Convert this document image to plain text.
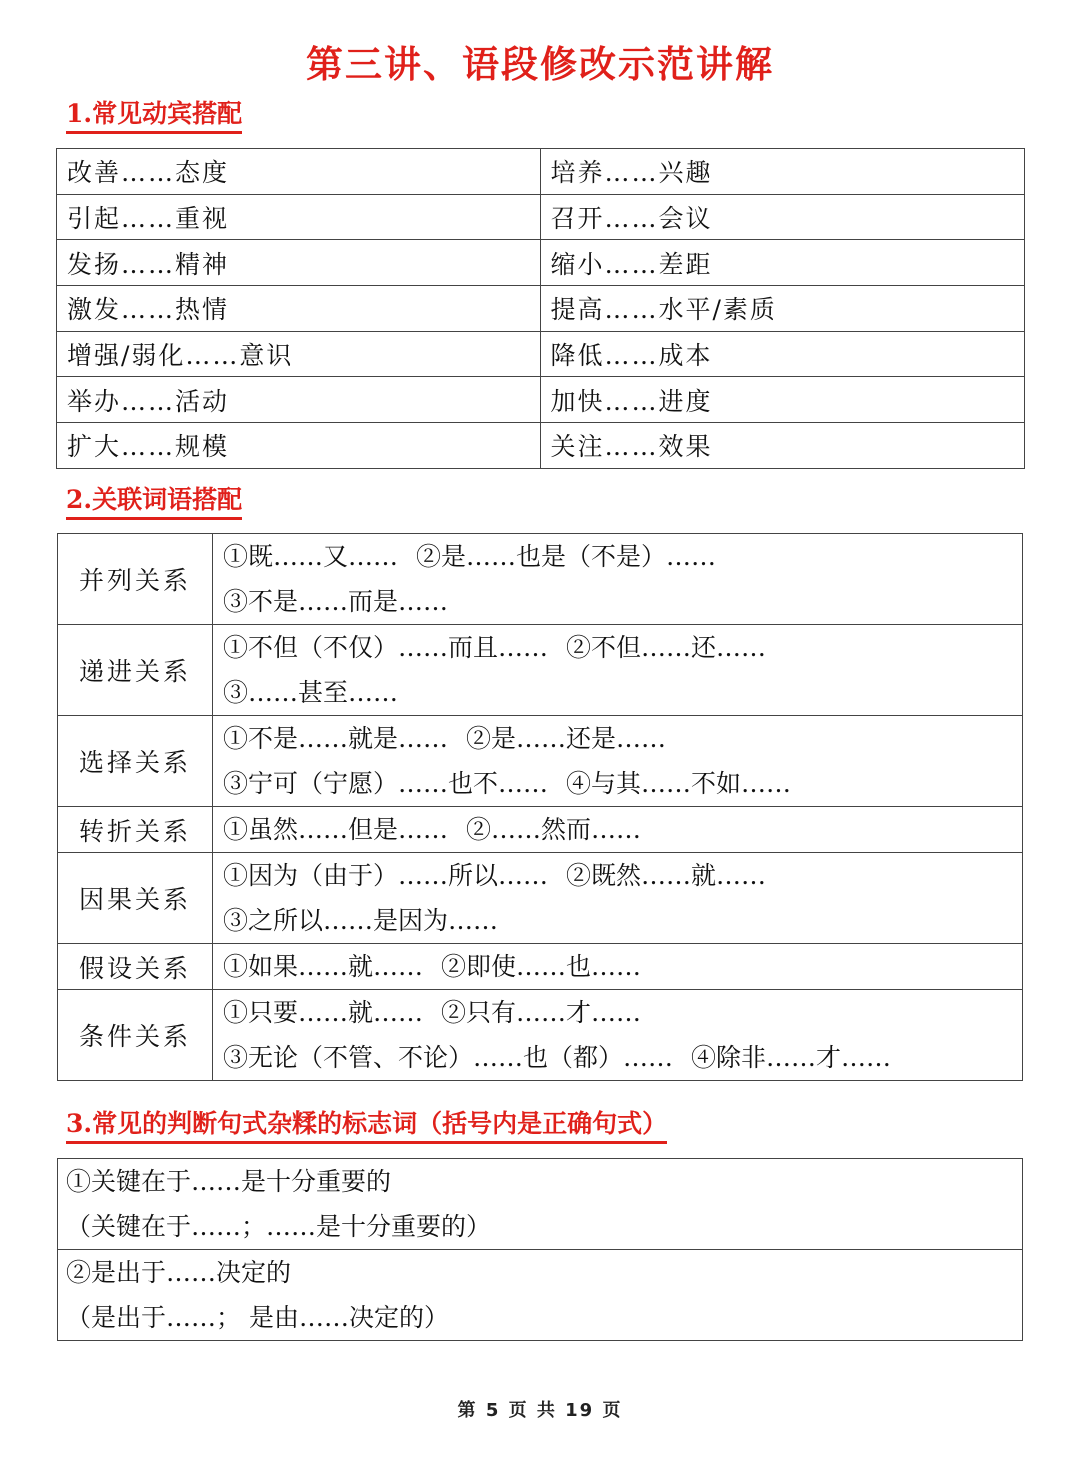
第三讲、语段修改示范讲解
1.常见动宾搭配
改善……态度	培养……兴趣
引起……重视	召开……会议
发扬……精神	缩小……差距
激发……热情	提高……水平/素质
增强/弱化……意识	降低……成本
举办……活动	加快……进度
扩大……规模	关注……效果
2.关联词语搭配
并列关系	①既……又…… ②是……也是（不是）……
③不是……而是……

递进关系	①不但（不仅）……而且…… ②不但……还……
③……甚至……

选择关系	①不是……就是…… ②是……还是……
③宁可（宁愿）……也不…… ④与其……不如……

转折关系	①虽然……但是…… ②……然而……

因果关系	①因为（由于）……所以…… ②既然……就……
③之所以……是因为……

假设关系	①如果……就…… ②即使……也……

条件关系	①只要……就…… ②只有……才……
③无论（不管、不论）……也（都）…… ④除非……才……
3.常见的判断句式杂糅的标志词（括号内是正确句式）
①关键在于……是十分重要的
（关键在于……；……是十分重要的）

②是出于……决定的
（是出于……； 是由……决定的）
第 5 页 共 19 页
